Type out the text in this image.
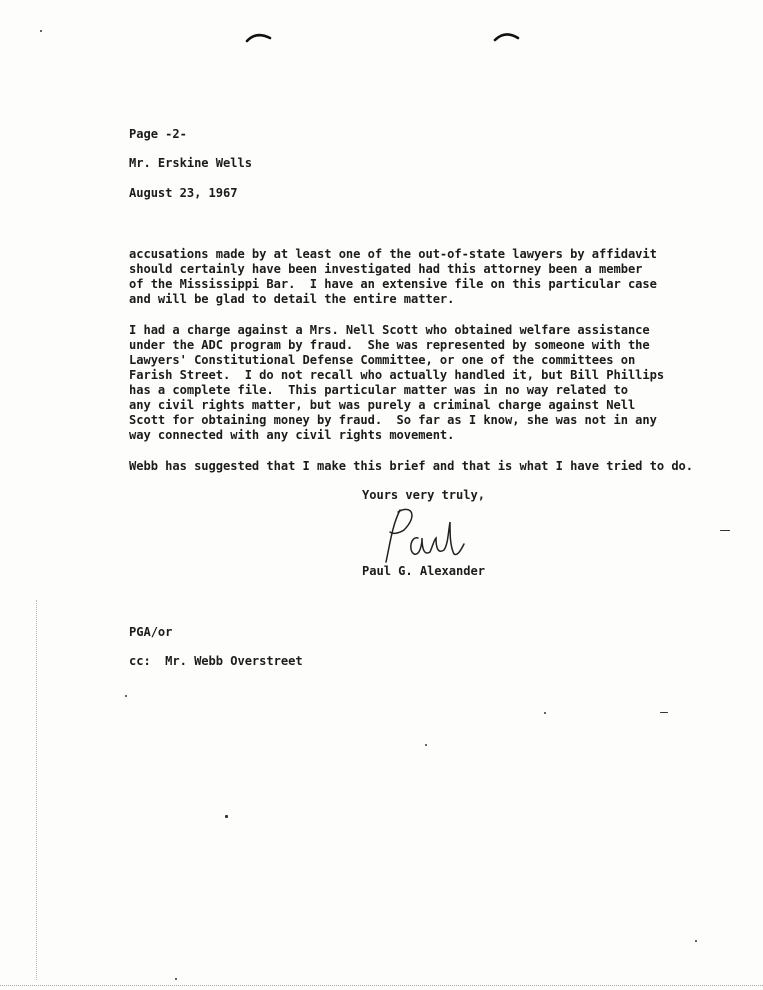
Page -2-
Mr. Erskine Wells
August 23, 1967
accusations made by at least one of the out-of-state lawyers by affidavit
should certainly have been investigated had this attorney been a member
of the Mississippi Bar.  I have an extensive file on this particular case
and will be glad to detail the entire matter.
I had a charge against a Mrs. Nell Scott who obtained welfare assistance
under the ADC program by fraud.  She was represented by someone with the
Lawyers' Constitutional Defense Committee, or one of the committees on
Farish Street.  I do not recall who actually handled it, but Bill Phillips
has a complete file.  This particular matter was in no way related to
any civil rights matter, but was purely a criminal charge against Nell
Scott for obtaining money by fraud.  So far as I know, she was not in any
way connected with any civil rights movement.
Webb has suggested that I make this brief and that is what I have tried to do.
Yours very truly,
Paul G. Alexander
PGA/or
cc:  Mr. Webb Overstreet
